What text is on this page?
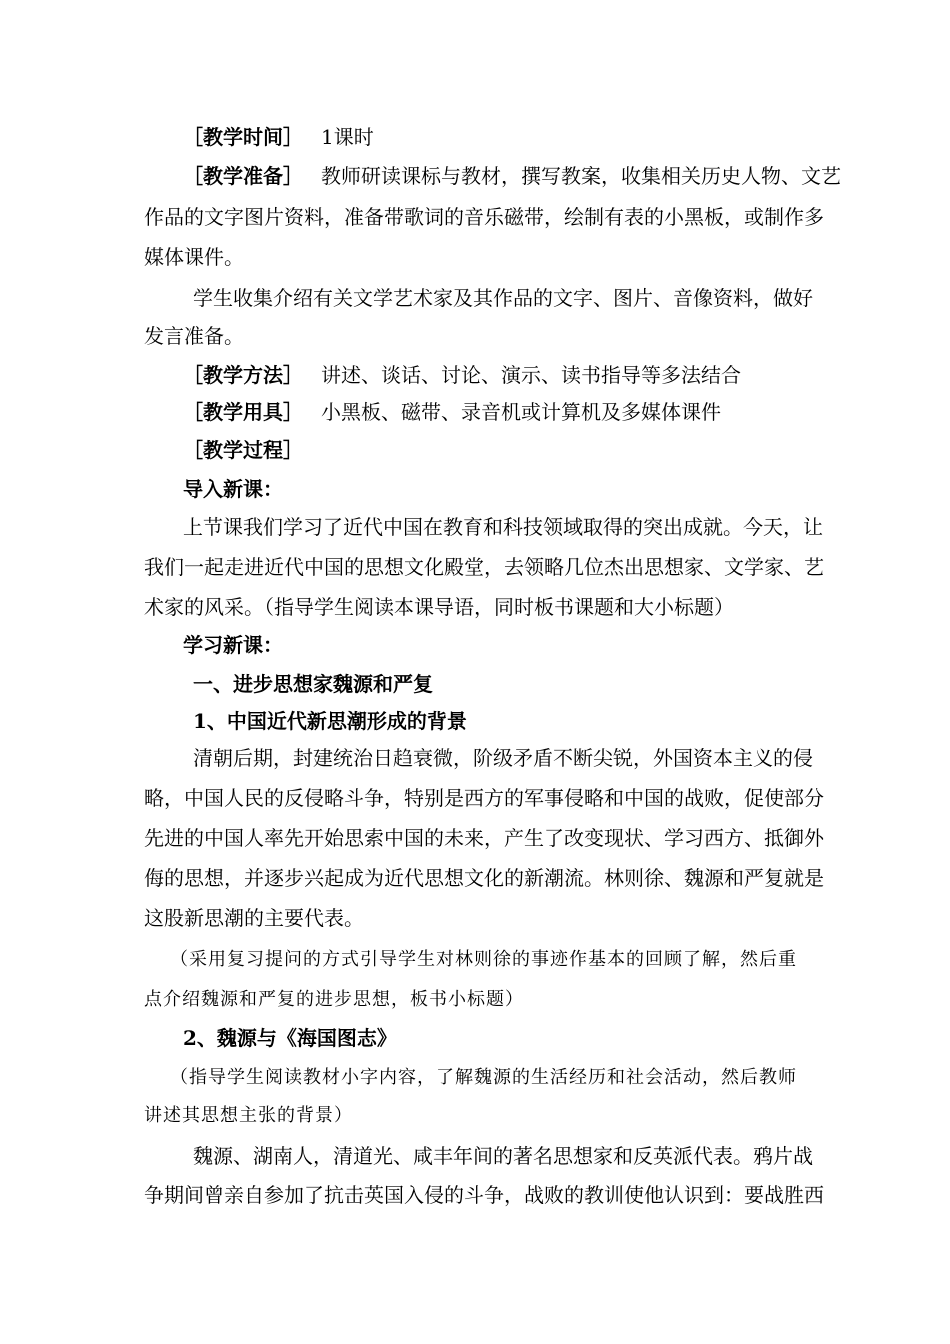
［教学时间］ 1课时
［教学准备］ 教师研读课标与教材，撰写教案，收集相关历史人物、文艺
作品的文字图片资料，准备带歌词的音乐磁带，绘制有表的小黑板，或制作多
媒体课件。
学生收集介绍有关文学艺术家及其作品的文字、图片、音像资料，做好
发言准备。
［教学方法］ 讲述、谈话、讨论、演示、读书指导等多法结合
［教学用具］ 小黑板、磁带、录音机或计算机及多媒体课件
［教学过程］
导入新课：
上节课我们学习了近代中国在教育和科技领域取得的突出成就。今天，让
我们一起走进近代中国的思想文化殿堂，去领略几位杰出思想家、文学家、艺
术家的风采。（指导学生阅读本课导语，同时板书课题和大小标题）
学习新课：
一、进步思想家魏源和严复
1、中国近代新思潮形成的背景
清朝后期，封建统治日趋衰微，阶级矛盾不断尖锐，外国资本主义的侵
略，中国人民的反侵略斗争，特别是西方的军事侵略和中国的战败，促使部分
先进的中国人率先开始思索中国的未来，产生了改变现状、学习西方、抵御外
侮的思想，并逐步兴起成为近代思想文化的新潮流。林则徐、魏源和严复就是
这股新思潮的主要代表。
（采用复习提问的方式引导学生对林则徐的事迹作基本的回顾了解，然后重
点介绍魏源和严复的进步思想，板书小标题）
2、魏源与《海国图志》
（指导学生阅读教材小字内容，了解魏源的生活经历和社会活动，然后教师
讲述其思想主张的背景）
魏源、湖南人，清道光、咸丰年间的著名思想家和反英派代表。鸦片战
争期间曾亲自参加了抗击英国入侵的斗争，战败的教训使他认识到：要战胜西
